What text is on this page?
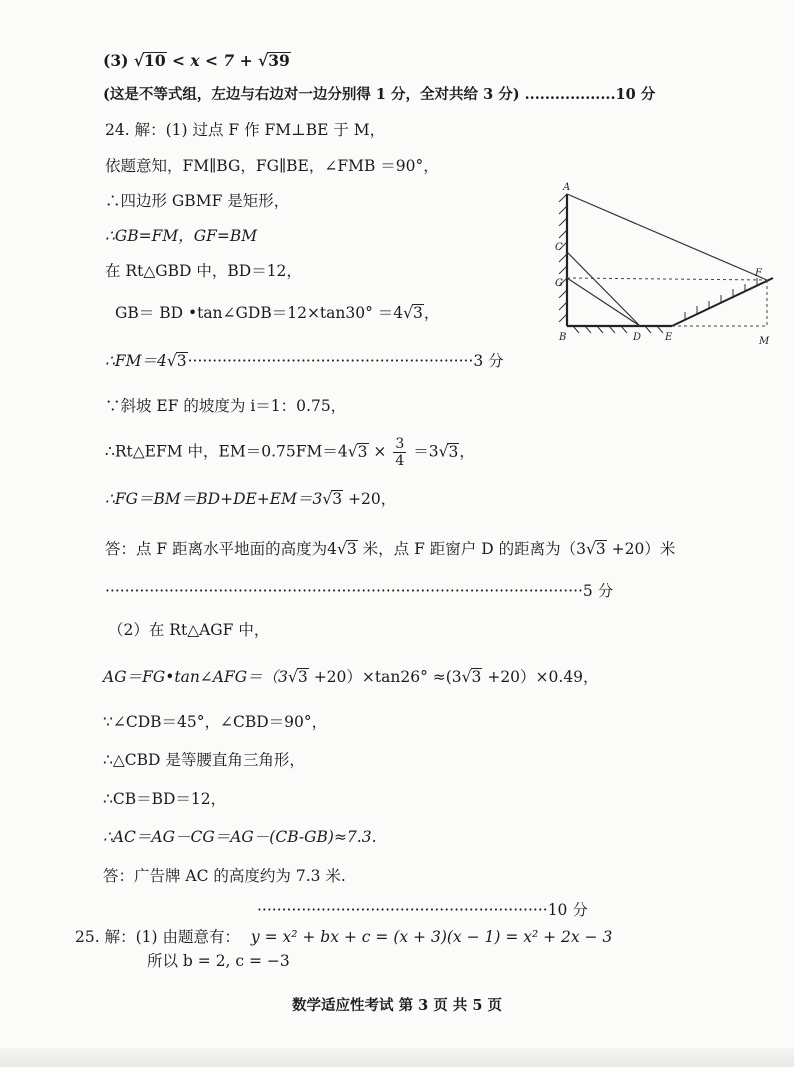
(3) √10 < x < 7 + √39
(这是不等式组，左边与右边对一边分别得 1 分，全对共给 3 分) ..................10 分
24. 解：(1) 过点 F 作 FM⊥BE 于 M，
依题意知，FM∥BG，FG∥BE，∠FMB ＝90°，
∴四边形 GBMF 是矩形，
∴GB=FM，GF=BM
在 Rt△GBD 中，BD＝12，
GB＝ BD •tan∠GDB＝12×tan30° ＝4√3，
∴FM＝4√3··························································3 分
∵斜坡 EF 的坡度为 i＝1：0.75，
∴Rt△EFM 中，$EM=0.75FM=4√3 \times \frac{3}{4} =3√3$，
∴FG＝BM＝BD+DE+EM＝3√3 +20，
答：点 F 距离水平地面的高度为4√3 米，点 F 距窗户 D 的距离为（3√3 +20）米
·································································································5 分
（2）在 Rt△AGF 中，
AG＝FG•tan∠AFG＝（3√3 +20）×tan26° ≈(3√3 +20）×0.49，
∵∠CDB＝45°，∠CBD＝90°，
∴△CBD 是等腰直角三角形，
∴CB＝BD＝12，
∴AC＝AG－CG＝AG－(CB-GB)≈7.3.
答：广告牌 AC 的高度约为 7.3 米.
···························································10 分
25. 解：(1) 由题意有： y = x² + bx + c = (x + 3)(x − 1) = x² + 2x − 3
所以 b = 2, c = −3
A
C
G
B	D E
F
M
数学适应性考试 第 3 页 共 5 页
